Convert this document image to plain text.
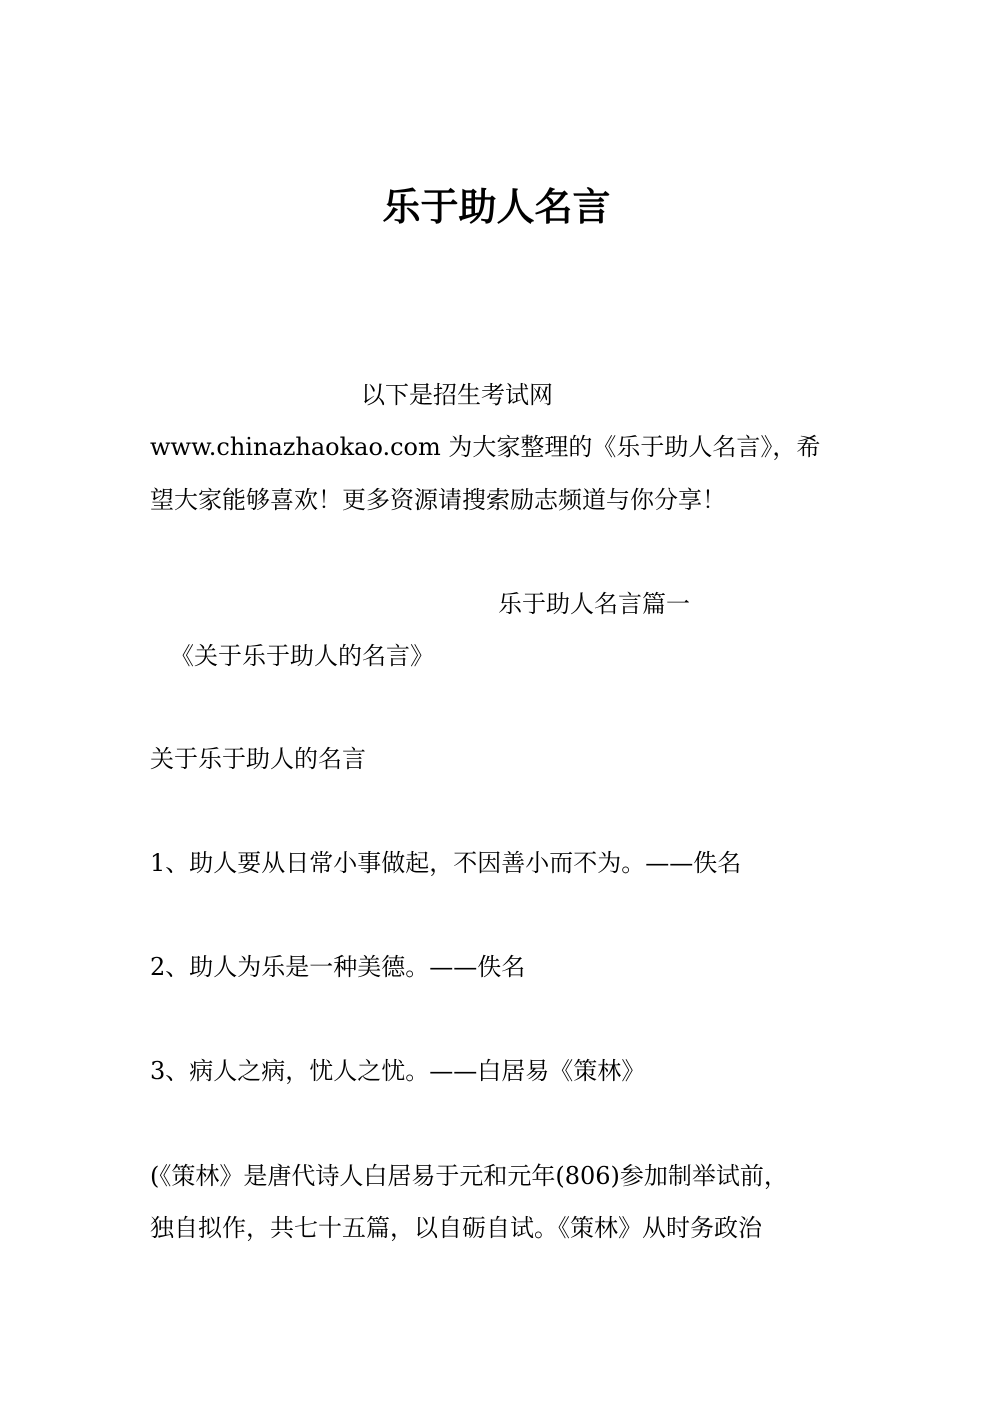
乐于助人名言

以下是招生考试网

www.chinazhaokao.com 为大家整理的《乐于助人名言》，希

望大家能够喜欢！更多资源请搜索励志频道与你分享！

乐于助人名言篇一

《关于乐于助人的名言》

关于乐于助人的名言

1、助人要从日常小事做起，不因善小而不为。——佚名

2、助人为乐是一种美德。——佚名

3、病人之病，忧人之忧。——白居易《策林》

(《策林》是唐代诗人白居易于元和元年(806)参加制举试前，

独自拟作，共七十五篇，以自砺自试。《策林》从时务政治
